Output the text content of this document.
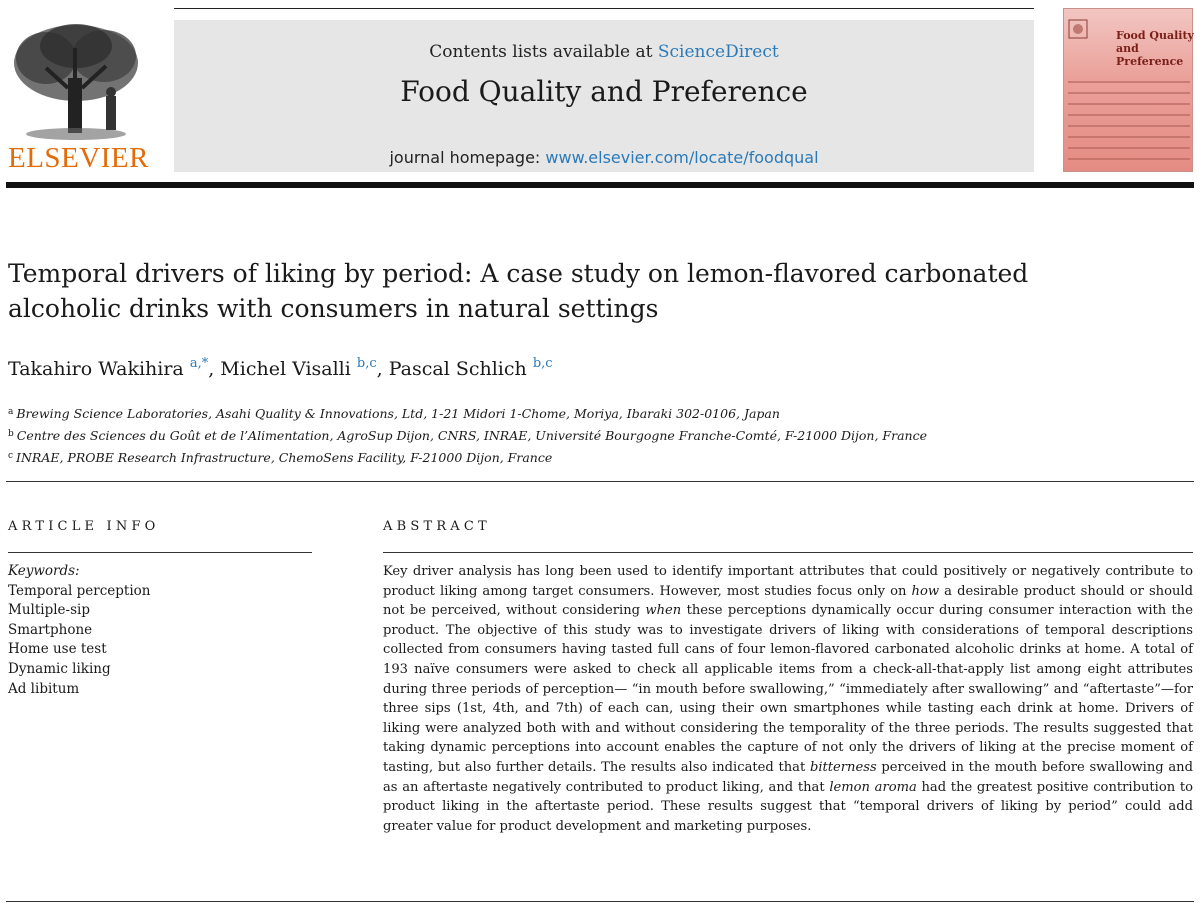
ELSEVIER
Contents lists available at ScienceDirect
Food Quality and Preference
journal homepage: www.elsevier.com/locate/foodqual
Food Quality and Preference
Temporal drivers of liking by period: A case study on lemon-flavored carbonated alcoholic drinks with consumers in natural settings
Takahiro Wakihira $^{a,*}$, Michel Visalli $^{b,c}$, Pascal Schlich $^{b,c}$
$^a$ Brewing Science Laboratories, Asahi Quality & Innovations, Ltd, 1-21 Midori 1-Chome, Moriya, Ibaraki 302-0106, Japan
$^b$ Centre des Sciences du Goût et de l’Alimentation, AgroSup Dijon, CNRS, INRAE, Université Bourgogne Franche-Comté, F-21000 Dijon, France
$^c$ INRAE, PROBE Research Infrastructure, ChemoSens Facility, F-21000 Dijon, France
ARTICLE INFO
Keywords:
Temporal perception
Multiple-sip
Smartphone
Home use test
Dynamic liking
Ad libitum
ABSTRACT
Key driver analysis has long been used to identify important attributes that could positively or negatively contribute to product liking among target consumers. However, most studies focus only on how a desirable product should or should not be perceived, without considering when these perceptions dynamically occur during consumer interaction with the product. The objective of this study was to investigate drivers of liking with considerations of temporal descriptions collected from consumers having tasted full cans of four lemon-flavored carbonated alcoholic drinks at home. A total of 193 naïve consumers were asked to check all applicable items from a check-all-that-apply list among eight attributes during three periods of perception— “in mouth before swallowing,” “immediately after swallowing” and “aftertaste”—for three sips (1st, 4th, and 7th) of each can, using their own smartphones while tasting each drink at home. Drivers of liking were analyzed both with and without considering the temporality of the three periods. The results suggested that taking dynamic perceptions into account enables the capture of not only the drivers of liking at the precise moment of tasting, but also further details. The results also indicated that bitterness perceived in the mouth before swallowing and as an aftertaste negatively contributed to product liking, and that lemon aroma had the greatest positive contribution to product liking in the aftertaste period. These results suggest that “temporal drivers of liking by period” could add greater value for product development and marketing purposes.
